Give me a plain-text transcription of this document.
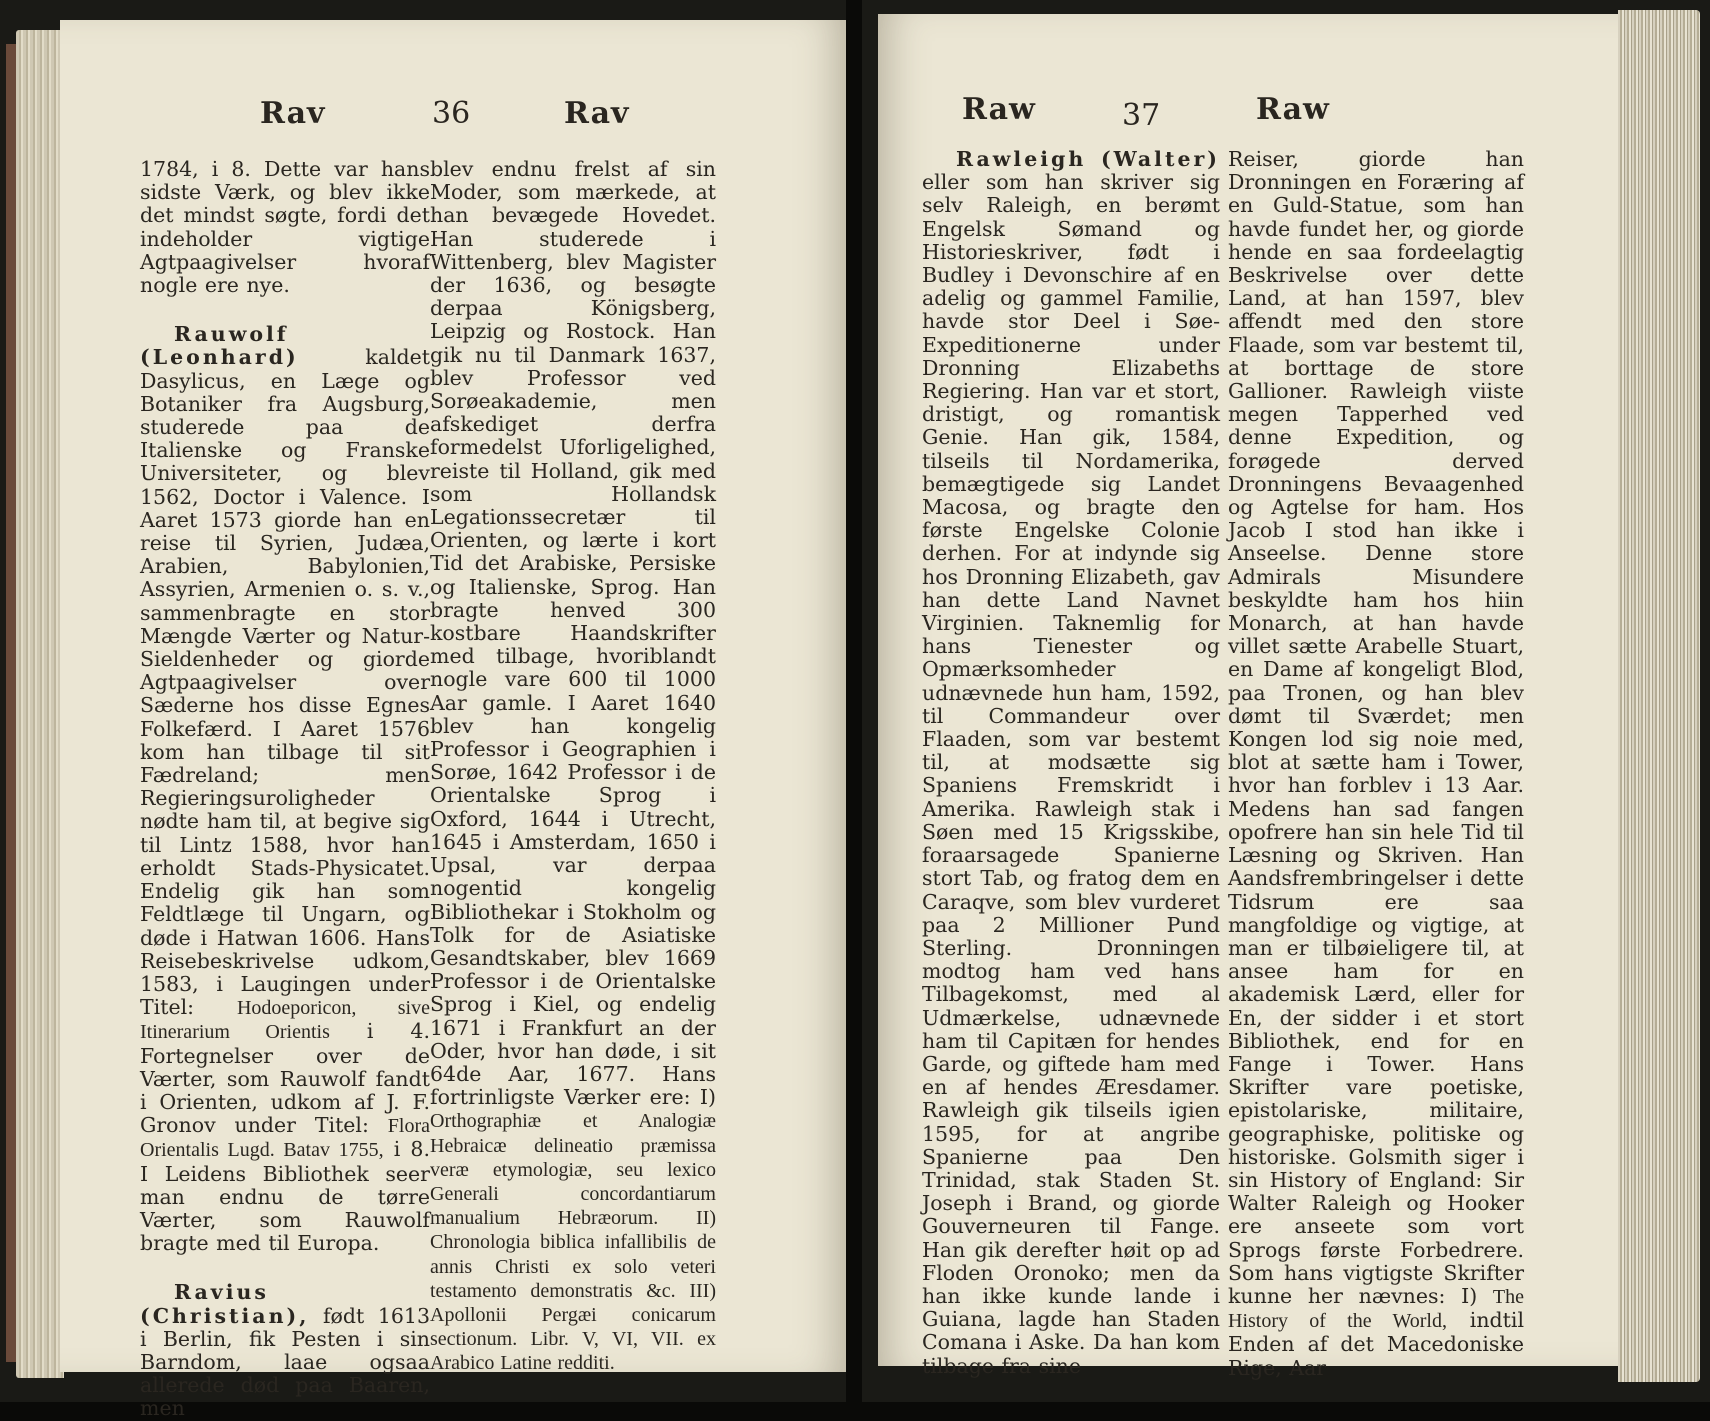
Rav	36	Rav

1784, i 8. Dette var hans sidste Værk, og blev ikke det mindst søgte, fordi det indeholder vigtige Agtpaagivelser hvoraf nogle ere nye.

Rauwolf (Leonhard)	kaldet Dasylicus, en Læge og Botaniker fra Augsburg, studerede paa de Italienske og Franske Universiteter, og blev 1562, Doctor i Valence. I Aaret 1573 giorde han en reise til Syrien, Judæa, Arabien, Babylonien, Assyrien, Armenien o. s. v., sammenbragte en stor Mængde Værter og Natur-Sieldenheder og giorde Agtpaagivelser over Sæderne hos disse Egnes Folkefærd. I Aaret 1576 kom han tilbage til sit Fædreland; men Regieringsuroligheder nødte ham til, at begive sig til Lintz 1588, hvor han erholdt Stads-Physicatet. Endelig gik han som Feldtlæge til Ungarn, og døde i Hatwan 1606. Hans Reisebeskrivelse udkom, 1583, i Laugingen under Titel: Hodoeporicon, sive Itinerarium Orientis i 4. Fortegnelser over de Værter, som Rauwolf fandt i Orienten, udkom af J. F. Gronov under Titel: Flora Orientalis Lugd. Batav 1755, i 8. I Leidens Bibliothek seer man endnu de tørre Værter, som Rauwolf bragte med til Europa.

Ravius (Christian), født 1613 i Berlin, fik Pesten i sin Barndom, laae ogsaa allerede død paa Baaren, men

blev endnu frelst af sin Moder, som mærkede, at han bevægede Hovedet. Han studerede i Wittenberg, blev Magister der 1636, og besøgte derpaa Königsberg, Leipzig og Rostock. Han gik nu til Danmark 1637, blev Professor ved Sorøeakademie, men afskediget derfra formedelst Uforligelighed, reiste til Holland, gik med som Hollandsk Legationssecretær til Orienten, og lærte i kort Tid det Arabiske, Persiske og Italienske, Sprog. Han bragte henved 300 kostbare Haandskrifter med tilbage, hvoriblandt nogle vare 600 til 1000 Aar gamle. I Aaret 1640 blev han kongelig Professor i Geographien i Sorøe, 1642 Professor i de Orientalske Sprog i Oxford, 1644 i Utrecht, 1645 i Amsterdam, 1650 i Upsal, var derpaa nogentid kongelig Bibliothekar i Stokholm og Tolk for de Asiatiske Gesandtskaber, blev 1669 Professor i de Orientalske Sprog i Kiel, og endelig 1671 i Frankfurt an der Oder, hvor han døde, i sit 64de Aar, 1677. Hans fortrinligste Værker ere: I) Orthographiæ et Analogiæ Hebraicæ delineatio præmissa veræ etymologiæ, seu lexico Generali concordantiarum manualium Hebræorum. II) Chronologia biblica infallibilis de annis Christi ex solo veteri testamento demonstratis &c. III) Apollonii Pergæi conicarum sectionum. Libr. V, VI, VII. ex Arabico Latine redditi.

Raw	37	Raw

Rawleigh (Walter) eller som han skriver sig selv Raleigh, en berømt Engelsk Sømand og Historieskriver, født i Budley i Devonschire af en adelig og gammel Familie, havde stor Deel i Søe-Expeditionerne under Dronning Elizabeths Regiering. Han var et stort, dristigt, og romantisk Genie. Han gik, 1584, tilseils til Nordamerika, bemægtigede sig Landet Macosa, og bragte den første Engelske Colonie derhen. For at indynde sig hos Dronning Elizabeth, gav han dette Land Navnet Virginien. Taknemlig for hans Tienester og Opmærksomheder udnævnede hun ham, 1592, til Commandeur over Flaaden, som var bestemt til, at modsætte sig Spaniens Fremskridt i Amerika. Rawleigh stak i Søen med 15 Krigsskibe, foraarsagede Spanierne stort Tab, og fratog dem en Caraqve, som blev vurderet paa 2 Millioner Pund Sterling. Dronningen modtog ham ved hans Tilbagekomst, med al Udmærkelse, udnævnede ham til Capitæn for hendes Garde, og giftede ham med en af hendes Æresdamer. Rawleigh gik tilseils igien 1595, for at angribe Spanierne paa Den Trinidad, stak Staden St. Joseph i Brand, og giorde Gouverneuren til Fange. Han gik derefter høit op ad Floden Oronoko; men da han ikke kunde lande i Guiana, lagde han Staden Comana i Aske. Da han kom tilbage fra sine

Reiser, giorde han Dronningen en Foræring af en Guld-Statue, som han havde fundet her, og giorde hende en saa fordeelagtig Beskrivelse over dette Land, at han 1597, blev affendt med den store Flaade, som var bestemt til, at borttage de store Gallioner. Rawleigh viiste megen Tapperhed ved denne Expedition, og forøgede derved Dronningens Bevaagenhed og Agtelse for ham. Hos Jacob I stod han ikke i Anseelse. Denne store Admirals Misundere beskyldte ham hos hiin Monarch, at han havde villet sætte Arabelle Stuart, en Dame af kongeligt Blod, paa Tronen, og han blev dømt til Sværdet; men Kongen lod sig noie med, blot at sætte ham i Tower, hvor han forblev i 13 Aar. Medens han sad fangen opofrere han sin hele Tid til Læsning og Skriven. Han Aandsfrembringelser i dette Tidsrum ere saa mangfoldige og vigtige, at man er tilbøieligere til, at ansee ham for en akademisk Lærd, eller for En, der sidder i et stort Bibliothek, end for en Fange i Tower. Hans Skrifter vare poetiske, epistolariske, militaire, geographiske, politiske og historiske. Golsmith siger i sin History of England: Sir Walter Raleigh og Hooker ere anseete som vort Sprogs første Forbedrere. Som hans vigtigste Skrifter kunne her nævnes: I) The History of the World, indtil Enden af det Macedoniske Rige, Aar
